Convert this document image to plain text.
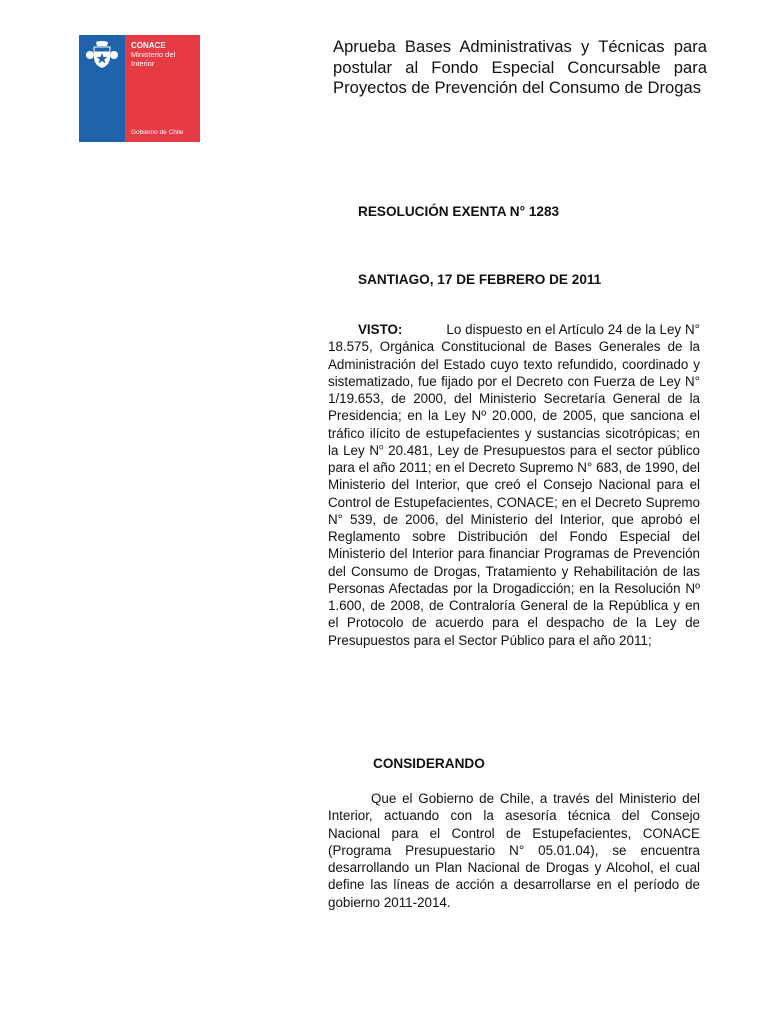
CONACE
Ministerio del Interior
Gobierno de Chile
Aprueba Bases Administrativas y Técnicas para postular al Fondo Especial Concursable para Proyectos de Prevención del Consumo de Drogas
RESOLUCIÓN EXENTA N° 1283
SANTIAGO, 17 DE FEBRERO DE 2011
VISTO:	Lo dispuesto en el Artículo 24 de la Ley N° 18.575, Orgánica Constitucional de Bases Generales de la Administración del Estado cuyo texto refundido, coordinado y sistematizado, fue fijado por el Decreto con Fuerza de Ley N° 1/19.653, de 2000, del Ministerio Secretaría General de la Presidencia; en la Ley Nº 20.000, de 2005, que sanciona el tráfico ilícito de estupefacientes y sustancias sicotrópicas; en la Ley $N^o$ 20.481, Ley de Presupuestos para el sector público para el año 2011; en el Decreto Supremo N° 683, de 1990, del Ministerio del Interior, que creó el Consejo Nacional para el Control de Estupefacientes, CONACE; en el Decreto Supremo N° 539, de 2006, del Ministerio del Interior, que aprobó el Reglamento sobre Distribución del Fondo Especial del Ministerio del Interior para financiar Programas de Prevención del Consumo de Drogas, Tratamiento y Rehabilitación de las Personas Afectadas por la Drogadicción; en la Resolución Nº 1.600, de 2008, de Contraloría General de la República y en el Protocolo de acuerdo para el despacho de la Ley de Presupuestos para el Sector Público para el año 2011;
CONSIDERANDO
Que el Gobierno de Chile, a través del Ministerio del Interior, actuando con la asesoría técnica del Consejo Nacional para el Control de Estupefacientes, CONACE (Programa Presupuestario N° 05.01.04), se encuentra desarrollando un Plan Nacional de Drogas y Alcohol, el cual define las líneas de acción a desarrollarse en el período de gobierno 2011-2014.
